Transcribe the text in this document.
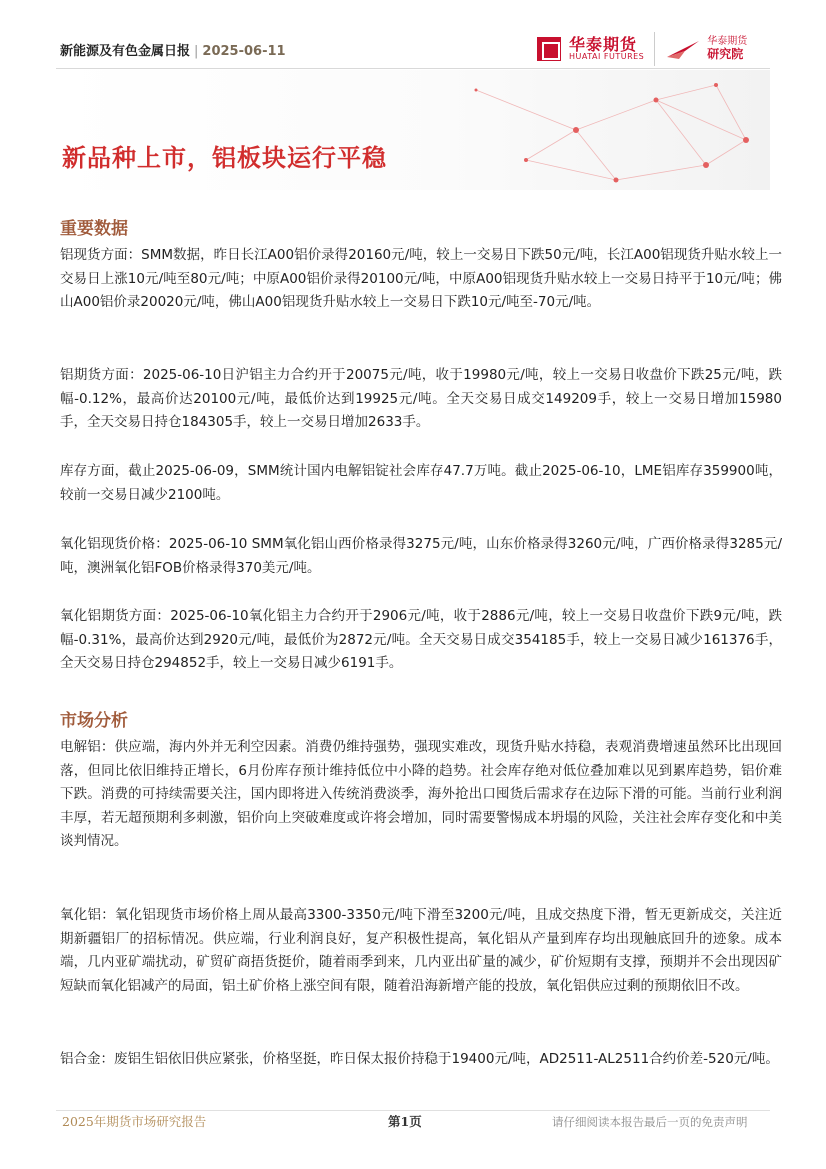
新能源及有色金属日报 | 2025-06-11	华泰期货
HUATAI FUTURES
华泰期货
研究院
新品种上市，铝板块运行平稳
重要数据

铝现货方面：SMM数据，昨日长江A00铝价录得20160元/吨，较上一交易日下跌50元/吨，长江A00铝现货升贴水较上一交易日上涨10元/吨至80元/吨；中原A00铝价录得20100元/吨，中原A00铝现货升贴水较上一交易日持平于10元/吨；佛山A00铝价录20020元/吨，佛山A00铝现货升贴水较上一交易日下跌10元/吨至-70元/吨。

铝期货方面：2025-06-10日沪铝主力合约开于20075元/吨，收于19980元/吨，较上一交易日收盘价下跌25元/吨，跌幅-0.12%，最高价达20100元/吨，最低价达到19925元/吨。全天交易日成交149209手，较上一交易日增加15980手，全天交易日持仓184305手，较上一交易日增加2633手。

库存方面，截止2025-06-09，SMM统计国内电解铝锭社会库存47.7万吨。截止2025-06-10，LME铝库存359900吨，较前一交易日减少2100吨。

氧化铝现货价格：2025-06-10 SMM氧化铝山西价格录得3275元/吨，山东价格录得3260元/吨，广西价格录得3285元/吨，澳洲氧化铝FOB价格录得370美元/吨。

氧化铝期货方面：2025-06-10氧化铝主力合约开于2906元/吨，收于2886元/吨，较上一交易日收盘价下跌9元/吨，跌幅-0.31%，最高价达到2920元/吨，最低价为2872元/吨。全天交易日成交354185手，较上一交易日减少161376手，全天交易日持仓294852手，较上一交易日减少6191手。

市场分析

电解铝：供应端，海内外并无利空因素。消费仍维持强势，强现实难改，现货升贴水持稳，表观消费增速虽然环比出现回落，但同比依旧维持正增长，6月份库存预计维持低位中小降的趋势。社会库存绝对低位叠加难以见到累库趋势，铝价难下跌。消费的可持续需要关注，国内即将进入传统消费淡季，海外抢出口囤货后需求存在边际下滑的可能。当前行业利润丰厚，若无超预期利多刺激，铝价向上突破难度或许将会增加，同时需要警惕成本坍塌的风险，关注社会库存变化和中美谈判情况。

氧化铝：氧化铝现货市场价格上周从最高3300-3350元/吨下滑至3200元/吨，且成交热度下滑，暂无更新成交，关注近期新疆铝厂的招标情况。供应端，行业利润良好，复产积极性提高，氧化铝从产量到库存均出现触底回升的迹象。成本端，几内亚矿端扰动，矿贸矿商捂货挺价，随着雨季到来，几内亚出矿量的减少，矿价短期有支撑，预期并不会出现因矿短缺而氧化铝减产的局面，铝土矿价格上涨空间有限，随着沿海新增产能的投放，氧化铝供应过剩的预期依旧不改。

铝合金：废铝生铝依旧供应紧张，价格坚挺，昨日保太报价持稳于19400元/吨，AD2511-AL2511合约价差-520元/吨。

2025年期货市场研究报告	第1页	请仔细阅读本报告最后一页的免责声明
